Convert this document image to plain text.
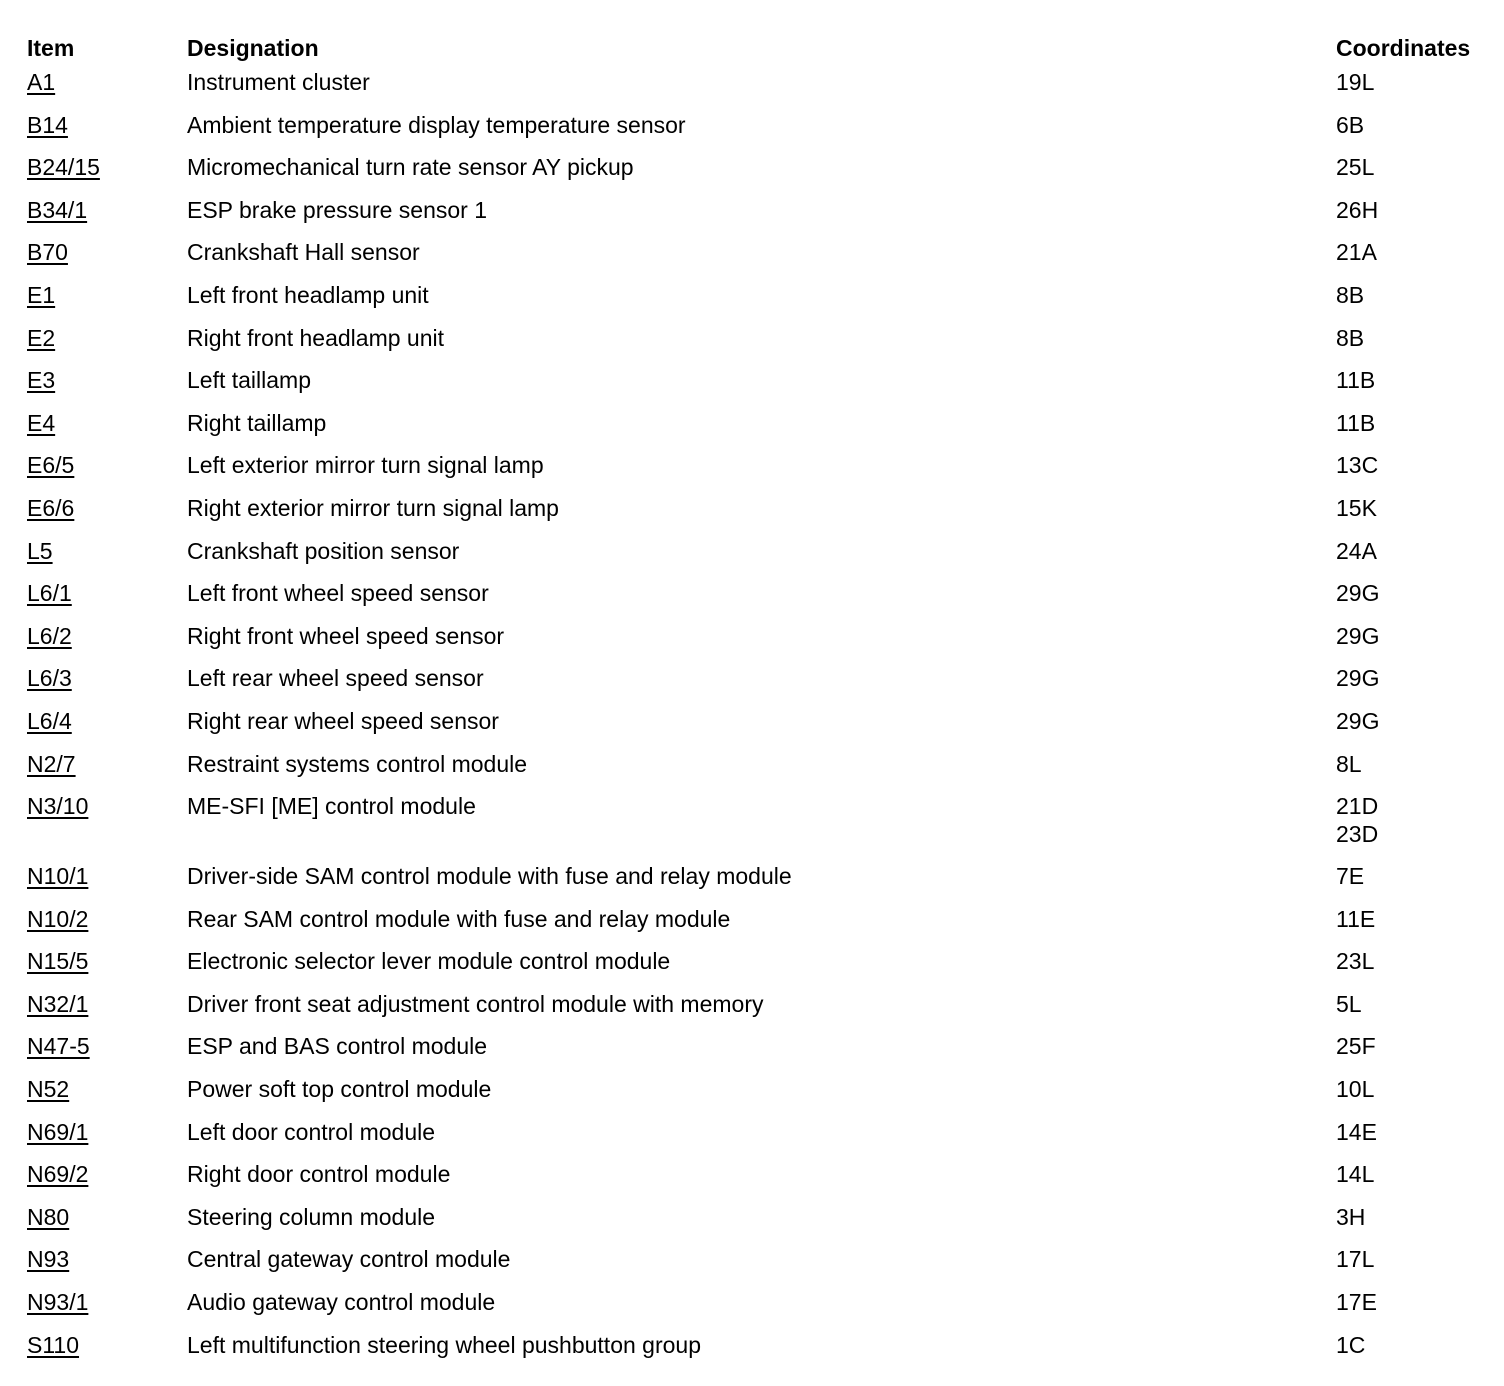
Item	Designation	Coordinates
A1	Instrument cluster	19L
B14	Ambient temperature display temperature sensor	6B
B24/15	Micromechanical turn rate sensor AY pickup	25L
B34/1	ESP brake pressure sensor 1	26H
B70	Crankshaft Hall sensor	21A
E1	Left front headlamp unit	8B
E2	Right front headlamp unit	8B
E3	Left taillamp	11B
E4	Right taillamp	11B
E6/5	Left exterior mirror turn signal lamp	13C
E6/6	Right exterior mirror turn signal lamp	15K
L5	Crankshaft position sensor	24A
L6/1	Left front wheel speed sensor	29G
L6/2	Right front wheel speed sensor	29G
L6/3	Left rear wheel speed sensor	29G
L6/4	Right rear wheel speed sensor	29G
N2/7	Restraint systems control module	8L
N3/10	ME-SFI [ME] control module	21D
23D
N10/1	Driver-side SAM control module with fuse and relay module	7E
N10/2	Rear SAM control module with fuse and relay module	11E
N15/5	Electronic selector lever module control module	23L
N32/1	Driver front seat adjustment control module with memory	5L
N47-5	ESP and BAS control module	25F
N52	Power soft top control module	10L
N69/1	Left door control module	14E
N69/2	Right door control module	14L
N80	Steering column module	3H
N93	Central gateway control module	17L
N93/1	Audio gateway control module	17E
S110	Left multifunction steering wheel pushbutton group	1C
